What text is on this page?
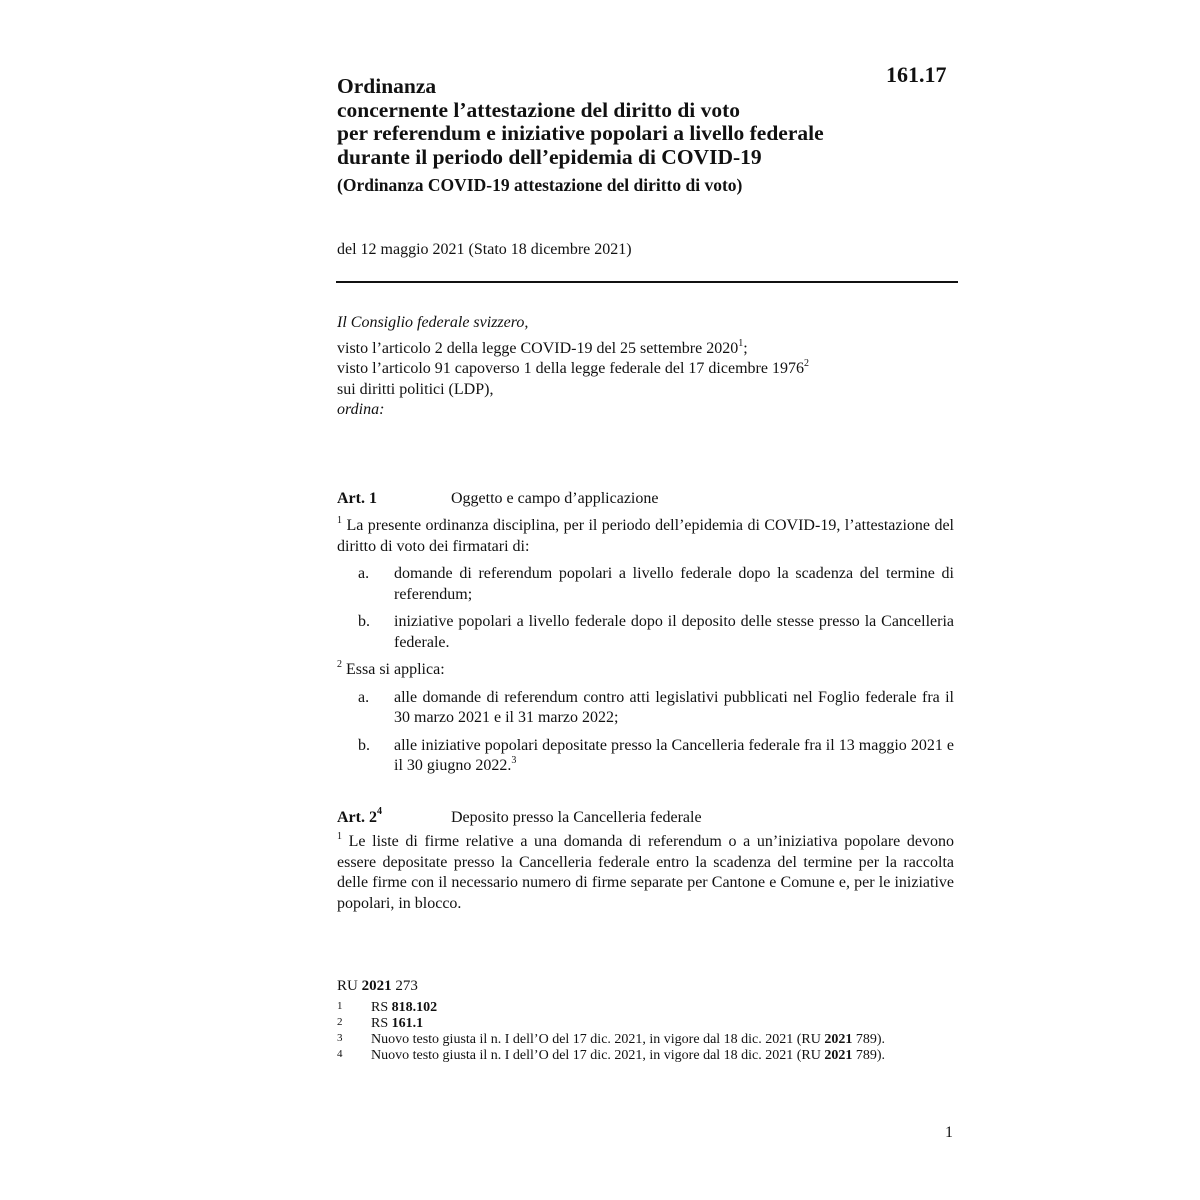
161.17
Ordinanza
concernente l’attestazione del diritto di voto
per referendum e iniziative popolari a livello federale
durante il periodo dell’epidemia di COVID-19
(Ordinanza COVID-19 attestazione del diritto di voto)
del 12 maggio 2021 (Stato 18 dicembre 2021)
Il Consiglio federale svizzero,
visto l’articolo 2 della legge COVID-19 del 25 settembre 2020$^1$;
visto l’articolo 91 capoverso 1 della legge federale del 17 dicembre 1976$^2$
sui diritti politici (LDP),
ordina:
Art. 1	Oggetto e campo d’applicazione
$^1$ La presente ordinanza disciplina, per il periodo dell’epidemia di COVID-19, l’attestazione del diritto di voto dei firmatari di:
a.	domande di referendum popolari a livello federale dopo la scadenza del termine di referendum;
b.	iniziative popolari a livello federale dopo il deposito delle stesse presso la Cancelleria federale.
$^2$ Essa si applica:
a.	alle domande di referendum contro atti legislativi pubblicati nel Foglio federale fra il 30 marzo 2021 e il 31 marzo 2022;
b.	alle iniziative popolari depositate presso la Cancelleria federale fra il 13 maggio 2021 e il 30 giugno 2022.$^3$
Art. $2^4$	Deposito presso la Cancelleria federale
$^1$ Le liste di firme relative a una domanda di referendum o a un’iniziativa popolare devono essere depositate presso la Cancelleria federale entro la scadenza del termine per la raccolta delle firme con il necessario numero di firme separate per Cantone e Comune e, per le iniziative popolari, in blocco.
RU 2021 273
1	RS 818.102
2	RS 161.1
3	Nuovo testo giusta il n. I dell’O del 17 dic. 2021, in vigore dal 18 dic. 2021 (RU 2021 789).
4	Nuovo testo giusta il n. I dell’O del 17 dic. 2021, in vigore dal 18 dic. 2021 (RU 2021 789).
1
